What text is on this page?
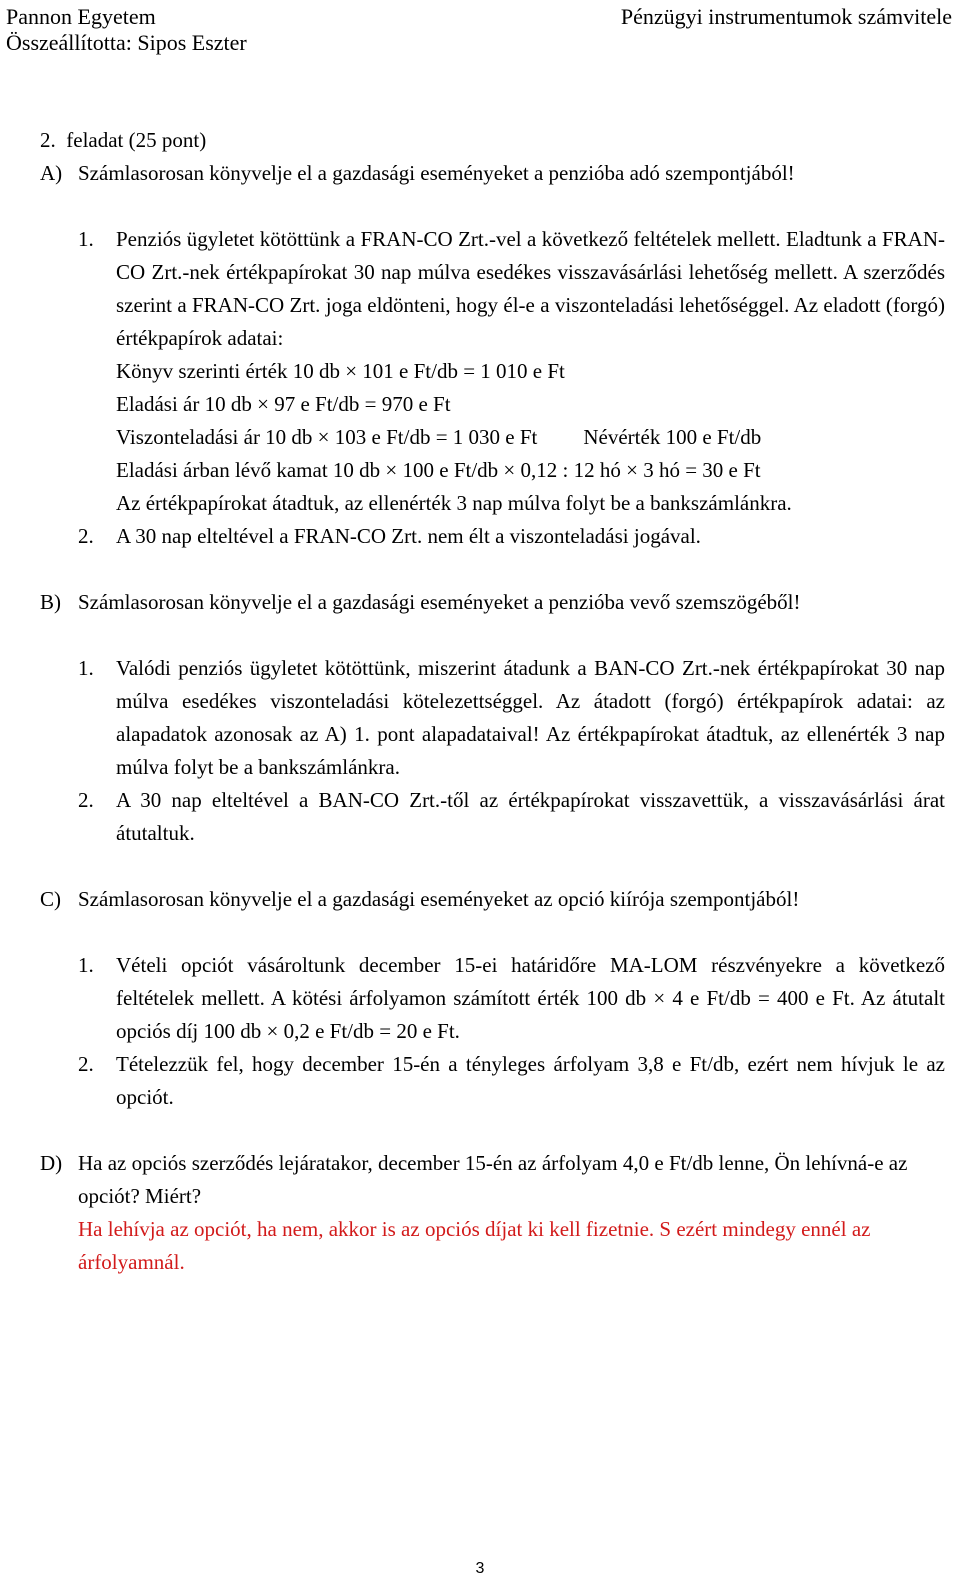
Pannon Egyetem
Összeállította: Sipos Eszter
Pénzügyi instrumentumok számvitele
2.  feladat (25 pont)
A) Számlasorosan könyvelje el a gazdasági eseményeket a penzióba adó szempontjából!
1.	Penziós ügyletet kötöttünk a FRAN-CO Zrt.-vel a következő feltételek mellett. Eladtunk a FRAN-CO Zrt.-nek értékpapírokat 30 nap múlva esedékes visszavásárlási lehetőség mellett. A szerződés szerint a FRAN-CO Zrt. joga eldönteni, hogy él-e a viszonteladási lehetőséggel. Az eladott (forgó) értékpapírok adatai:
Könyv szerinti érték 10 db × 101 e Ft/db = 1 010 e Ft
Eladási ár 10 db × 97 e Ft/db = 970 e Ft
Viszonteladási ár 10 db × 103 e Ft/db = 1 030 e Ft Névérték 100 e Ft/db
Eladási árban lévő kamat 10 db × 100 e Ft/db × 0,12 : 12 hó × 3 hó = 30 e Ft
Az értékpapírokat átadtuk, az ellenérték 3 nap múlva folyt be a bankszámlánkra.
2.	A 30 nap elteltével a FRAN-CO Zrt. nem élt a viszonteladási jogával.
B) Számlasorosan könyvelje el a gazdasági eseményeket a penzióba vevő szemszögéből!
1.	Valódi penziós ügyletet kötöttünk, miszerint átadunk a BAN-CO Zrt.-nek értékpapírokat 30 nap múlva esedékes viszonteladási kötelezettséggel. Az átadott (forgó) értékpapírok adatai: az alapadatok azonosak az A) 1. pont alapadataival! Az értékpapírokat átadtuk, az ellenérték 3 nap múlva folyt be a bankszámlánkra.
2.	A 30 nap elteltével a BAN-CO Zrt.-től az értékpapírokat visszavettük, a visszavásárlási árat átutaltuk.
C) Számlasorosan könyvelje el a gazdasági eseményeket az opció kiírója szempontjából!
1.	Vételi opciót vásároltunk december 15-ei határidőre MA-LOM részvényekre a következő feltételek mellett. A kötési árfolyamon számított érték 100 db × 4 e Ft/db = 400 e Ft. Az átutalt opciós díj 100 db × 0,2 e Ft/db = 20 e Ft.
2.	Tételezzük fel, hogy december 15-én a tényleges árfolyam 3,8 e Ft/db, ezért nem hívjuk le az opciót.
D) Ha az opciós szerződés lejáratakor, december 15-én az árfolyam 4,0 e Ft/db lenne, Ön lehívná-e az opciót? Miért?
Ha lehívja az opciót, ha nem, akkor is az opciós díjat ki kell fizetnie. S ezért mindegy ennél az árfolyamnál.
3
